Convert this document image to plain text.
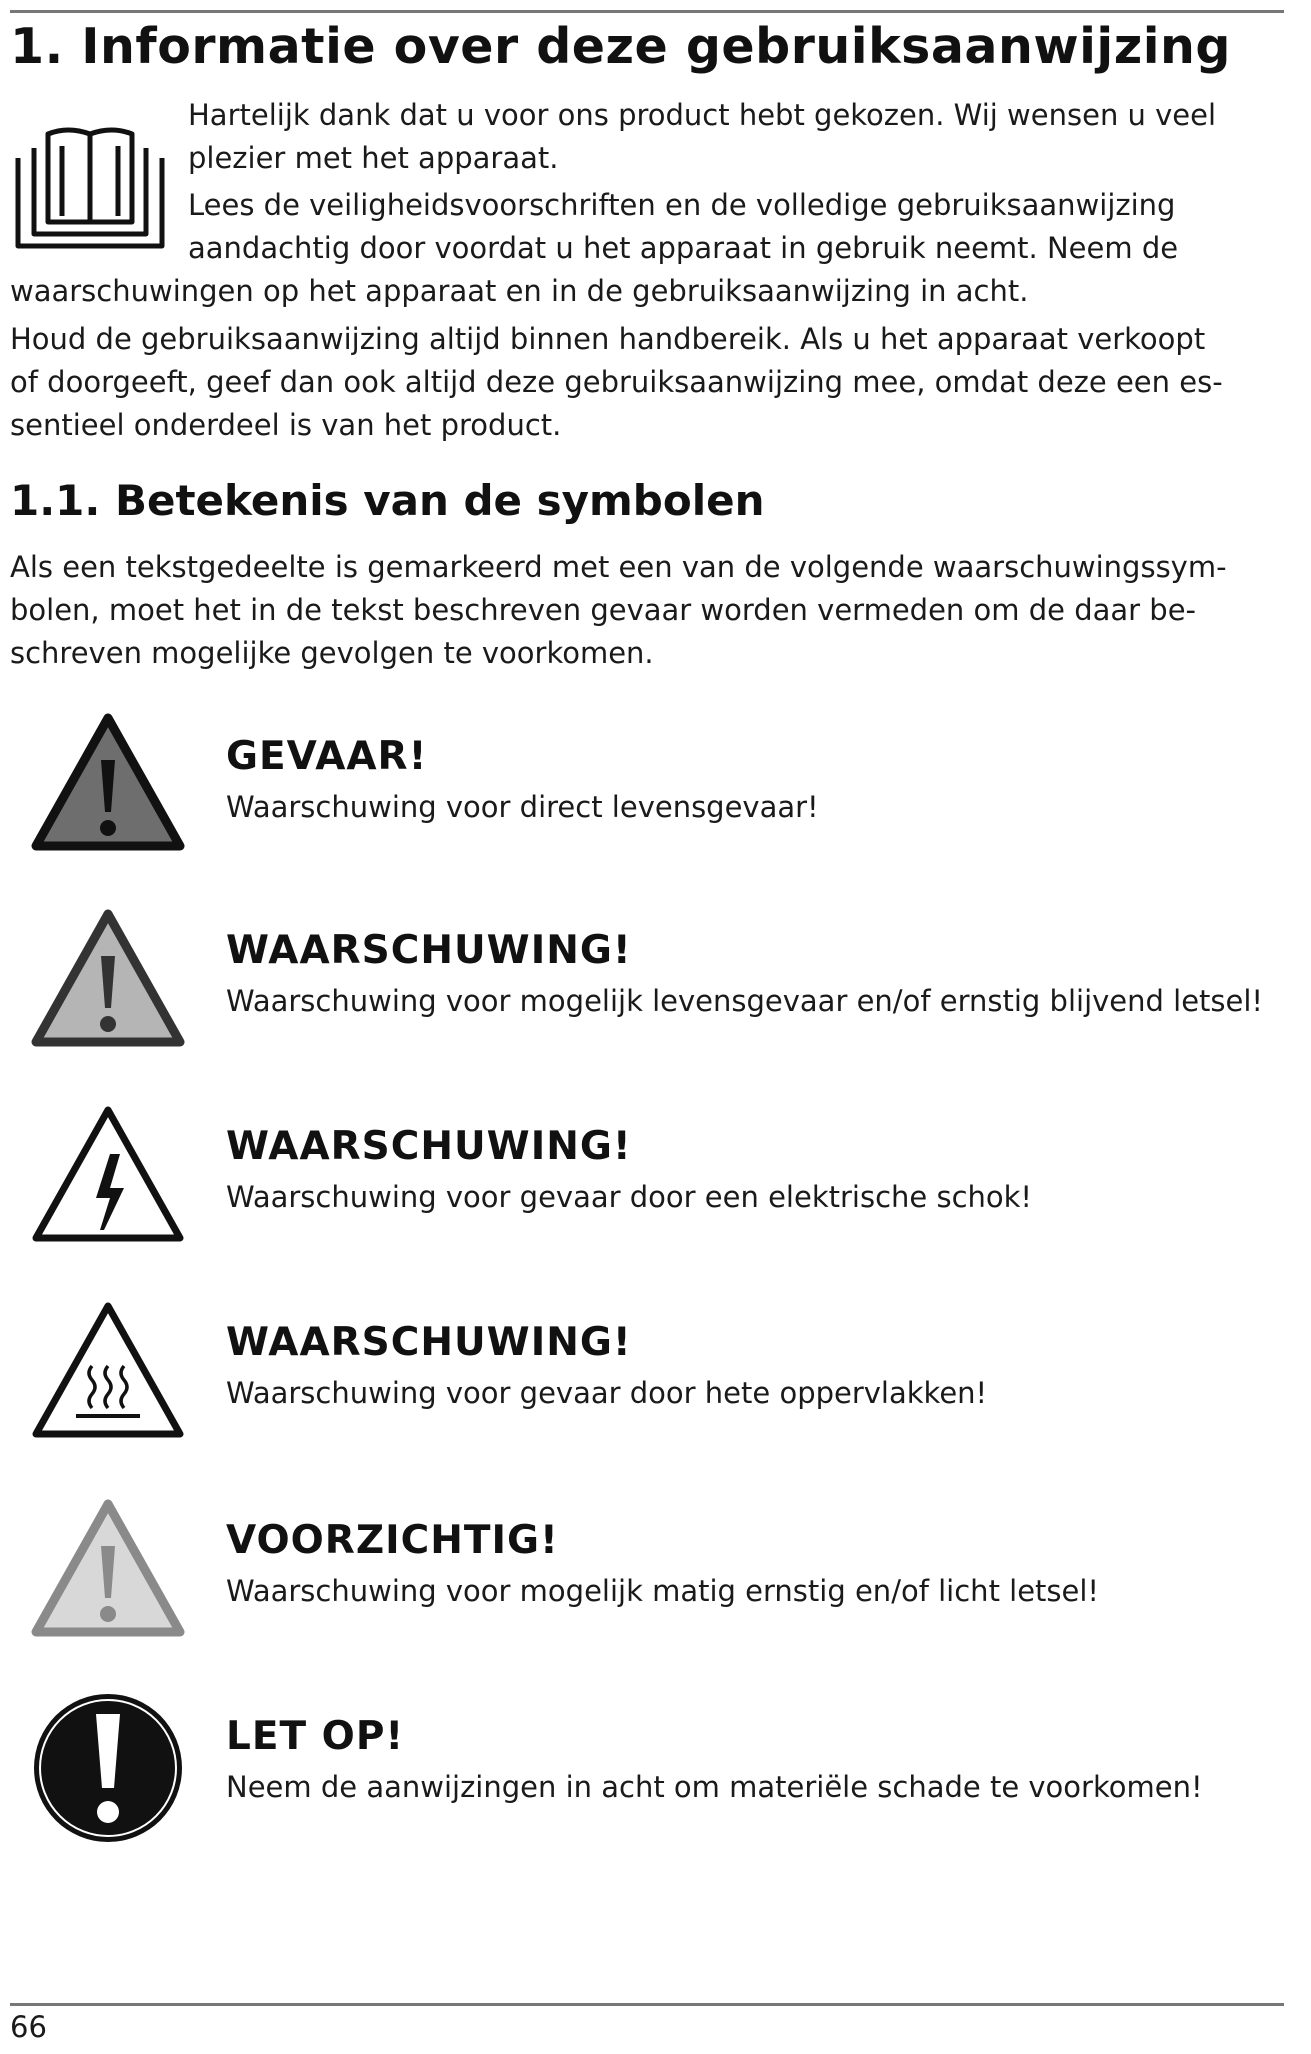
1. Informatie over deze gebruiksaanwijzing

Hartelijk dank dat u voor ons product hebt gekozen. Wij wensen u veel

plezier met het apparaat.

Lees de veiligheidsvoorschriften en de volledige gebruiksaanwijzing

aandachtig door voordat u het apparaat in gebruik neemt. Neem de

waarschuwingen op het apparaat en in de gebruiksaanwijzing in acht.

Houd de gebruiksaanwijzing altijd binnen handbereik. Als u het apparaat verkoopt

of doorgeeft, geef dan ook altijd deze gebruiksaanwijzing mee, omdat deze een es-

sentieel onderdeel is van het product.

1.1. Betekenis van de symbolen

Als een tekstgedeelte is gemarkeerd met een van de volgende waarschuwingssym-

bolen, moet het in de tekst beschreven gevaar worden vermeden om de daar be-

schreven mogelijke gevolgen te voorkomen.

GEVAAR!

Waarschuwing voor direct levensgevaar!

WAARSCHUWING!

Waarschuwing voor mogelijk levensgevaar en/of ernstig blijvend letsel!

WAARSCHUWING!

Waarschuwing voor gevaar door een elektrische schok!

WAARSCHUWING!

Waarschuwing voor gevaar door hete oppervlakken!

VOORZICHTIG!

Waarschuwing voor mogelijk matig ernstig en/of licht letsel!

LET OP!

Neem de aanwijzingen in acht om materiële schade te voorkomen!

66
